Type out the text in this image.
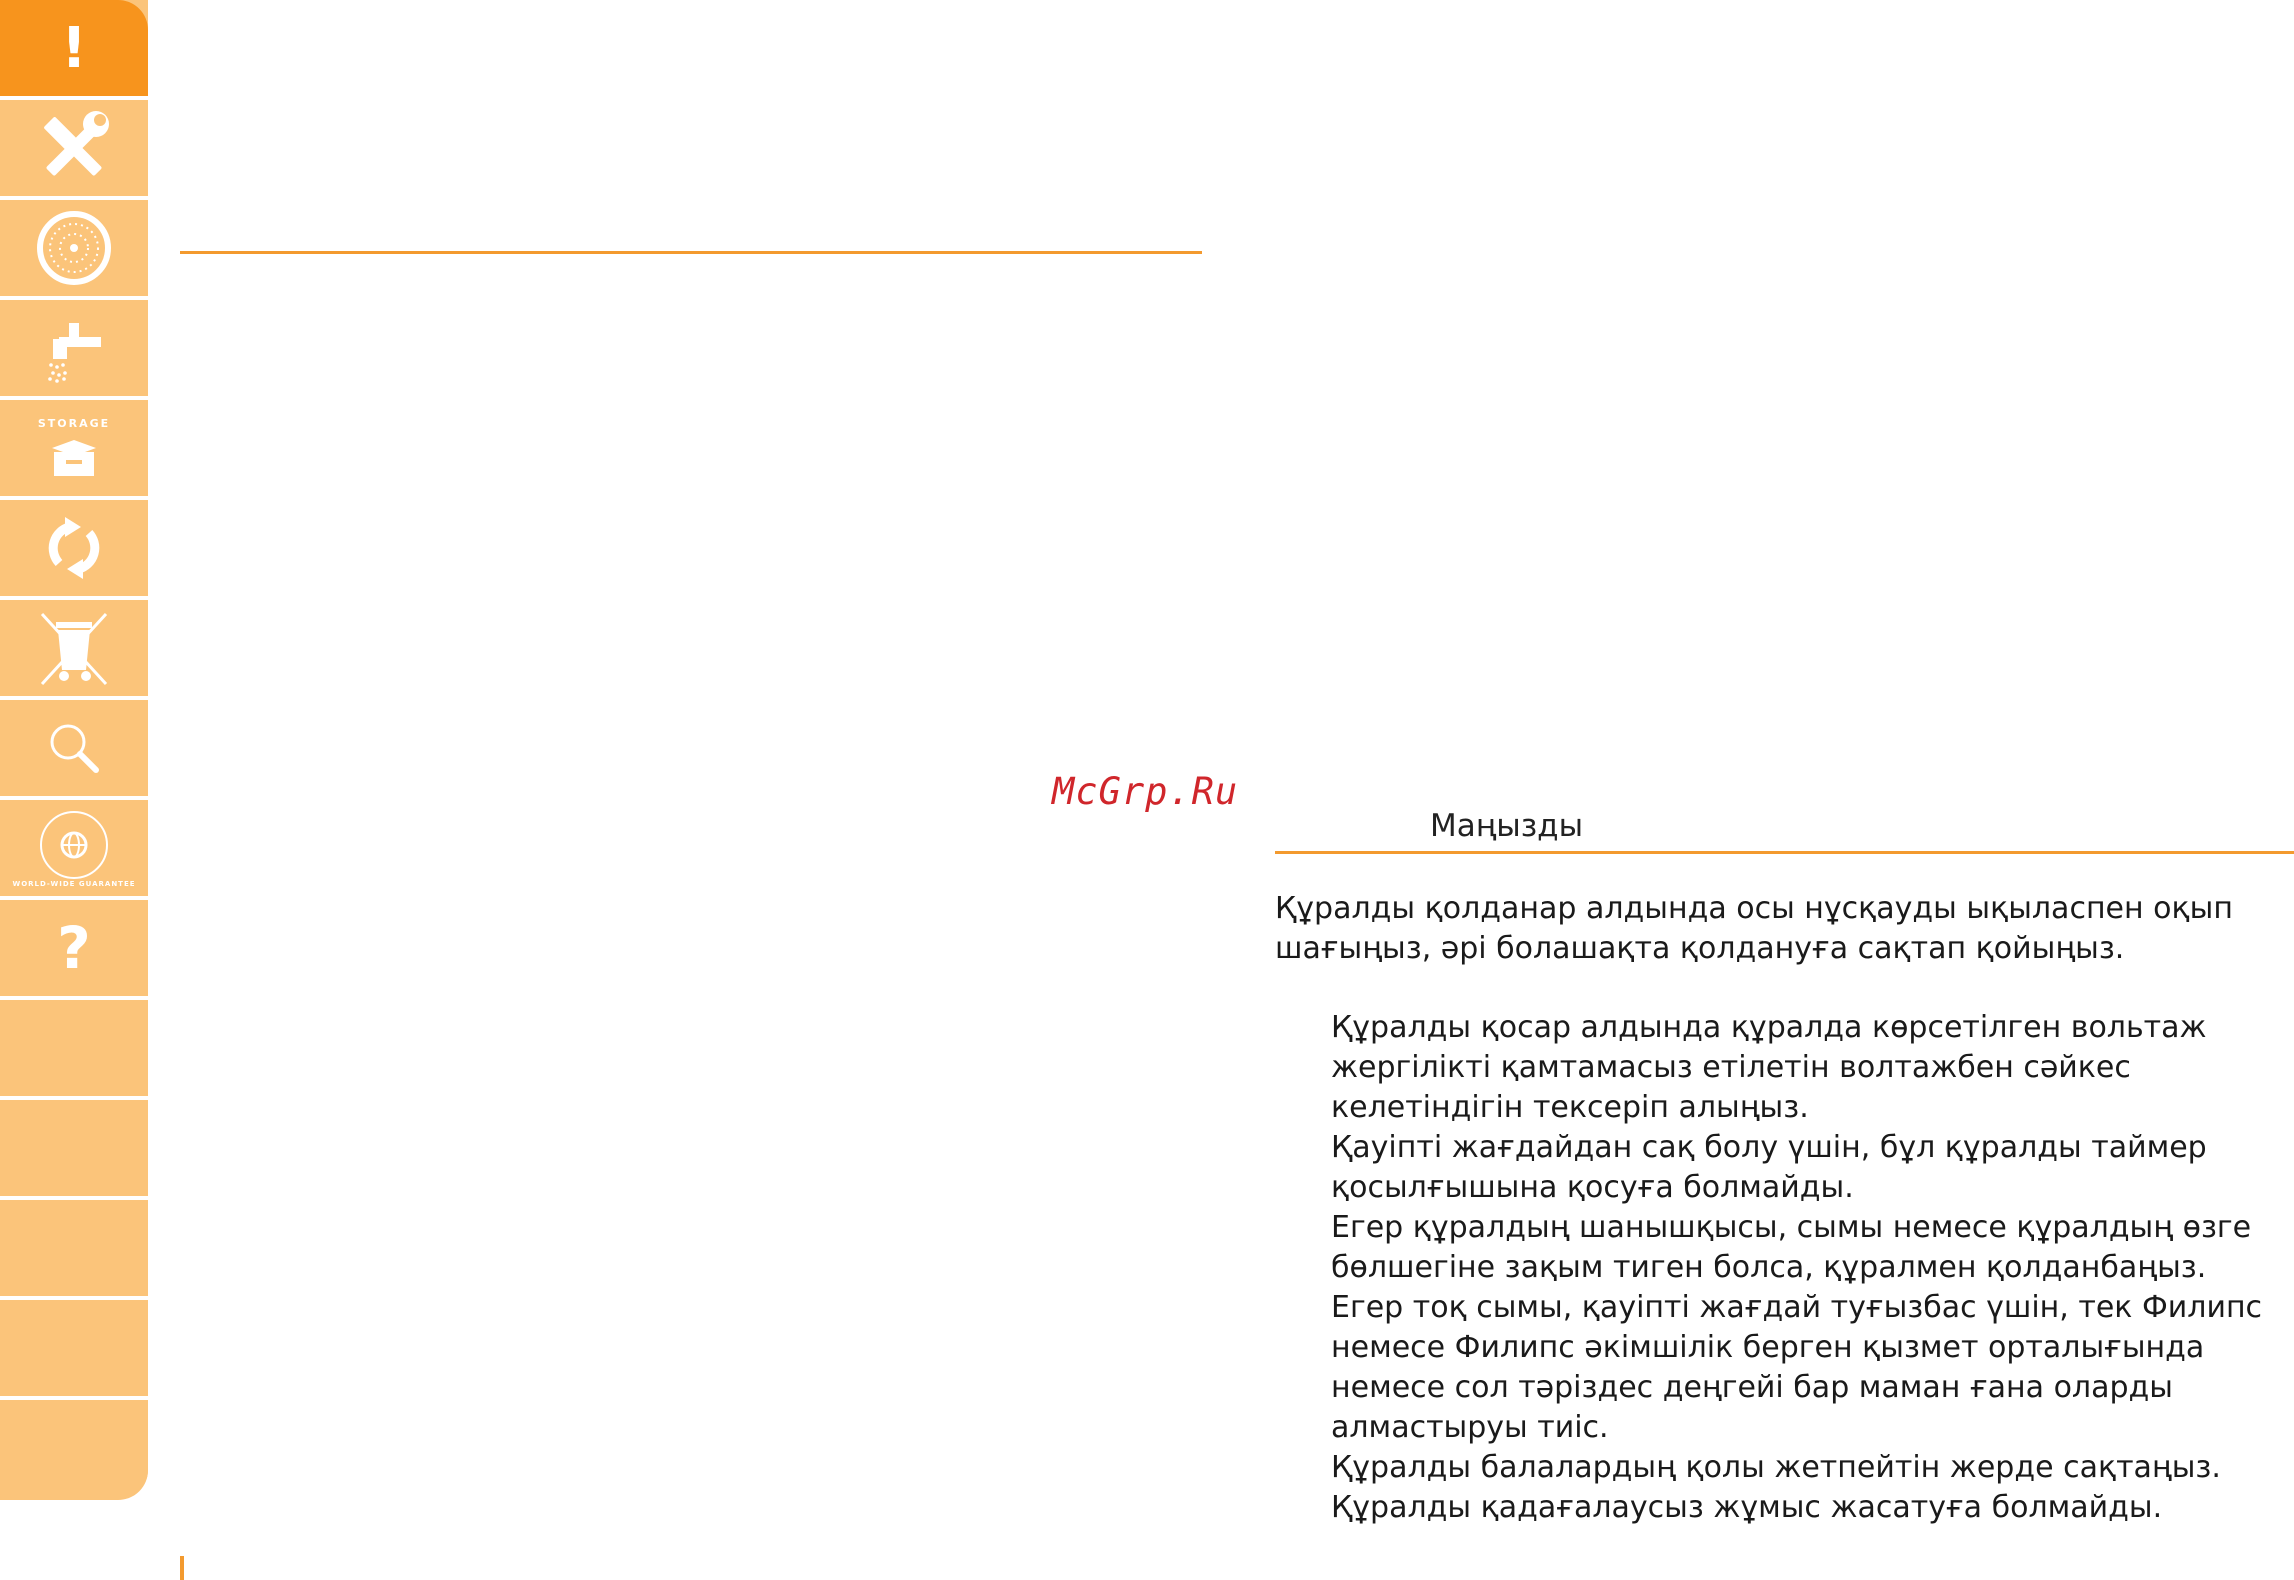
!
STORAGE
WORLD-WIDE GUARANTEE
?
McGrp.Ru
Маңызды

Құралды қолданар алдында осы нұсқауды ықыласпен оқып шағыңыз, әрі болашақта қолдануға сақтап қойыңыз.

Құралды қосар алдында құралда көрсетілген вольтаж жергілікті қамтамасыз етілетін волтажбен сәйкес келетіндігін тексеріп алыңыз.
Қауіпті жағдайдан сақ болу үшін, бұл құралды таймер қосылғышына қосуға болмайды.
Егер құралдың шанышқысы, сымы немесе құралдың өзге бөлшегіне зақым тиген болса, құралмен қолданбаңыз.
Егер тоқ сымы, қауіпті жағдай туғызбас үшін, тек Филипс немесе Филипс әкімшілік берген қызмет орталығында немесе сол тәріздес деңгейі бар маман ғана оларды алмастыруы тиіс.
Құралды балалардың қолы жетпейтін жерде сақтаңыз.
Құралды қадағалаусыз жұмыс жасатуға болмайды.
